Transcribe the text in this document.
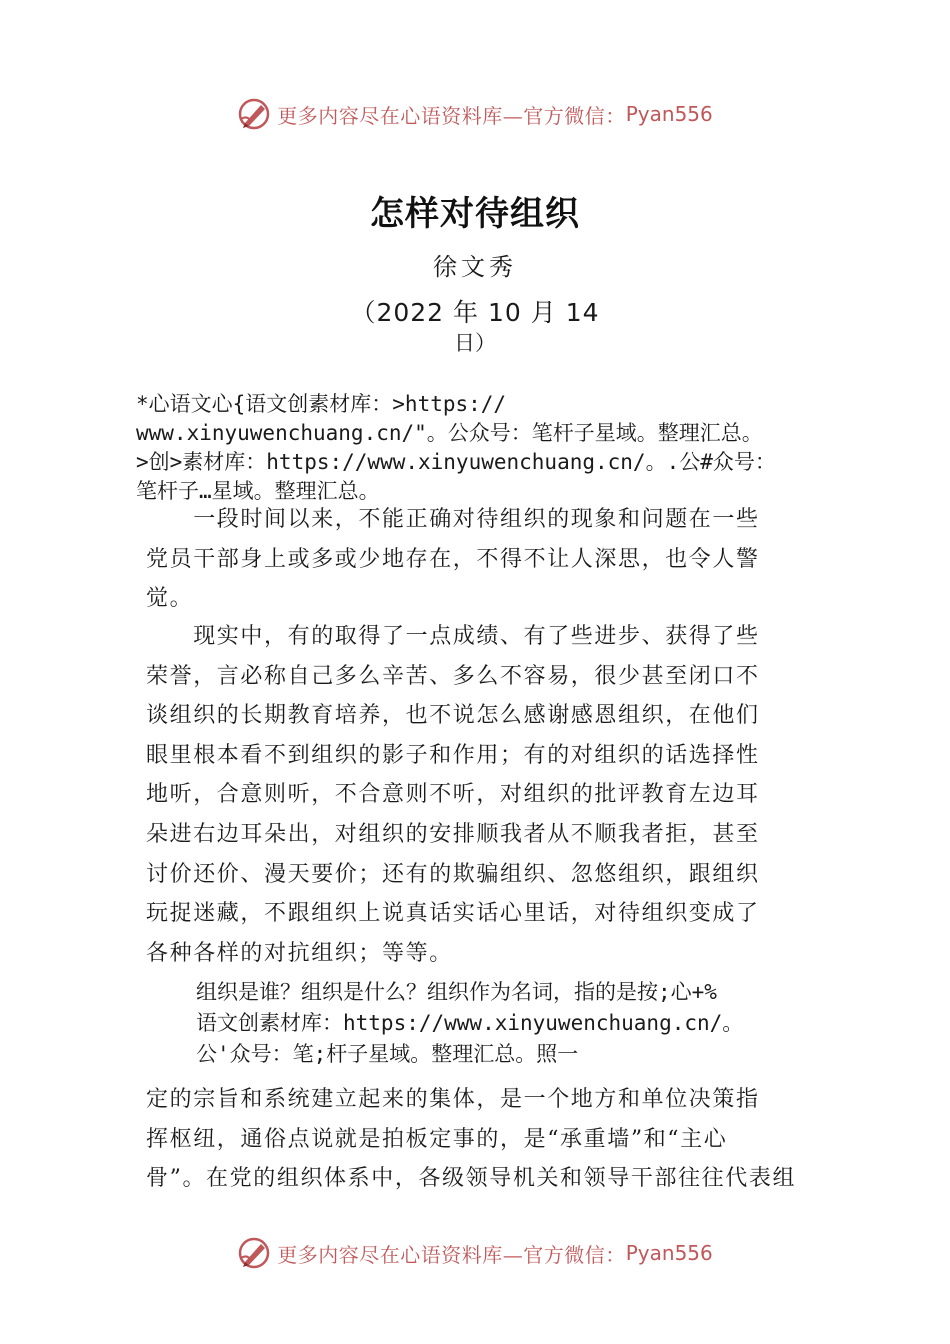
更多内容尽在心语资料库—官方微信： Pyan556
怎样对待组织
徐文秀
（2022 年 10 月 14
日）
*心语文心{语文创素材库：>https://
www.xinyuwenchuang.cn/"。公众号：笔杆子星域。整理汇总。
>创>素材库：https://www.xinyuwenchuang.cn/。.公#众号：
笔杆子…星域。整理汇总。
　　一段时间以来，不能正确对待组织的现象和问题在一些
党员干部身上或多或少地存在，不得不让人深思，也令人警
觉。
　　现实中，有的取得了一点成绩、有了些进步、获得了些
荣誉，言必称自己多么辛苦、多么不容易，很少甚至闭口不
谈组织的长期教育培养，也不说怎么感谢感恩组织，在他们
眼里根本看不到组织的影子和作用；有的对组织的话选择性
地听，合意则听，不合意则不听，对组织的批评教育左边耳
朵进右边耳朵出，对组织的安排顺我者从不顺我者拒，甚至
讨价还价、漫天要价；还有的欺骗组织、忽悠组织，跟组织
玩捉迷藏，不跟组织上说真话实话心里话，对待组织变成了
各种各样的对抗组织；等等。
组织是谁？组织是什么？组织作为名词，指的是按;心+%
语文创素材库：https://www.xinyuwenchuang.cn/。
公'众号：笔;杆子星域。整理汇总。照一
定的宗旨和系统建立起来的集体，是一个地方和单位决策指
挥枢纽，通俗点说就是拍板定事的，是“承重墙”和“主心
骨”。在党的组织体系中，各级领导机关和领导干部往往代表组
更多内容尽在心语资料库—官方微信： Pyan556
